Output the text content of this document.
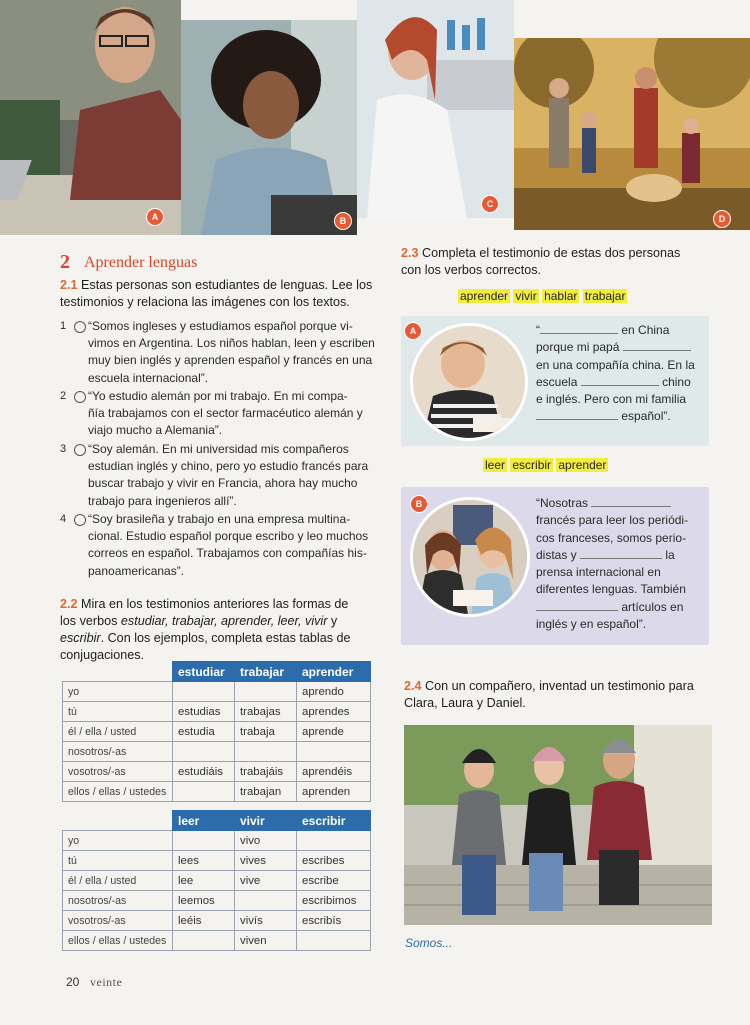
A	B
C
D
2 Aprender lenguas
2.1 Estas personas son estudiantes de lenguas. Lee los
testimonios y relaciona las imágenes con los textos.
1	“Somos ingleses y estudiamos español porque vi-
vimos en Argentina. Los niños hablan, leen y escriben
muy bien inglés y aprenden español y francés en una
escuela internacional”.
2	“Yo estudio alemán por mi trabajo. En mi compa-
ñía trabajamos con el sector farmacéutico alemán y
viajo mucho a Alemania”.
3	“Soy alemán. En mi universidad mis compañeros
estudian inglés y chino, pero yo estudio francés para
buscar trabajo y vivir en Francia, ahora hay mucho
trabajo para ingenieros allí”.
4	“Soy brasileña y trabajo en una empresa multina-
cional. Estudio español porque escribo y leo muchos
correos en español. Trabajamos con compañías his-
panoamericanas”.
2.2 Mira en los testimonios anteriores las formas de
los verbos estudiar, trabajar, aprender, leer, vivir y
escribir. Con los ejemplos, completa estas tablas de
conjugaciones.
	estudiar	trabajar	aprender
yo			aprendo
tú	estudias	trabajas	aprendes
él / ella / usted	estudia	trabaja	aprende
nosotros/-as			
vosotros/-as	estudiáis	trabajáis	aprendéis
ellos / ellas / ustedes		trabajan	aprenden
	leer	vivir	escribir
yo		vivo	
tú	lees	vives	escribes
él / ella / usted	lee	vive	escribe
nosotros/-as	leemos		escribimos
vosotros/-as	leéis	vivís	escribís
ellos / ellas / ustedes		viven	
2.3 Completa el testimonio de estas dos personas
con los verbos correctos.
aprender vivir hablar trabajar
A	“	en China
porque mi papá
en una compañía china. En la
escuela	chino
e inglés. Pero con mi familia
español”.
leer escribir aprender
B	“Nosotras
francés para leer los periódi-
cos franceses, somos perio-
distas y	la
prensa internacional en
diferentes lenguas. También
artículos en
inglés y en español”.
2.4 Con un compañero, inventad un testimonio para
Clara, Laura y Daniel.
Somos...
20 veinte
